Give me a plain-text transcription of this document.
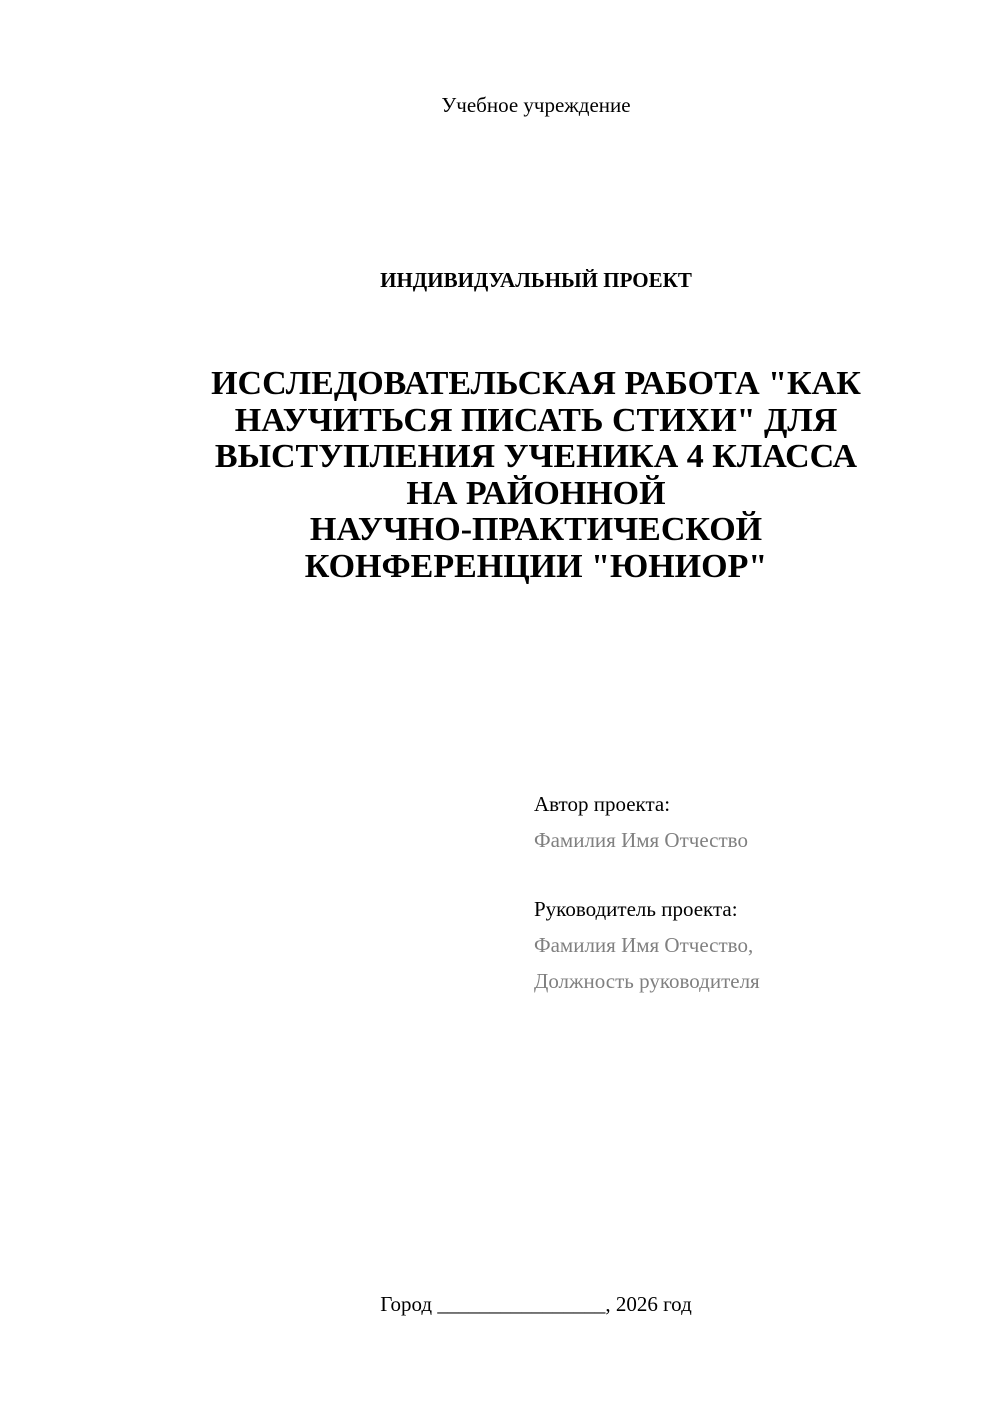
Учебное учреждение
ИНДИВИДУАЛЬНЫЙ ПРОЕКТ
ИССЛЕДОВАТЕЛЬСКАЯ РАБОТА "КАК
НАУЧИТЬСЯ ПИСАТЬ СТИХИ" ДЛЯ
ВЫСТУПЛЕНИЯ УЧЕНИКА 4 КЛАССА
НА РАЙОННОЙ
НАУЧНО-ПРАКТИЧЕСКОЙ
КОНФЕРЕНЦИИ "ЮНИОР"
Автор проекта:
Фамилия Имя Отчество
Руководитель проекта:
Фамилия Имя Отчество,
Должность руководителя
Город ________________, 2026 год
